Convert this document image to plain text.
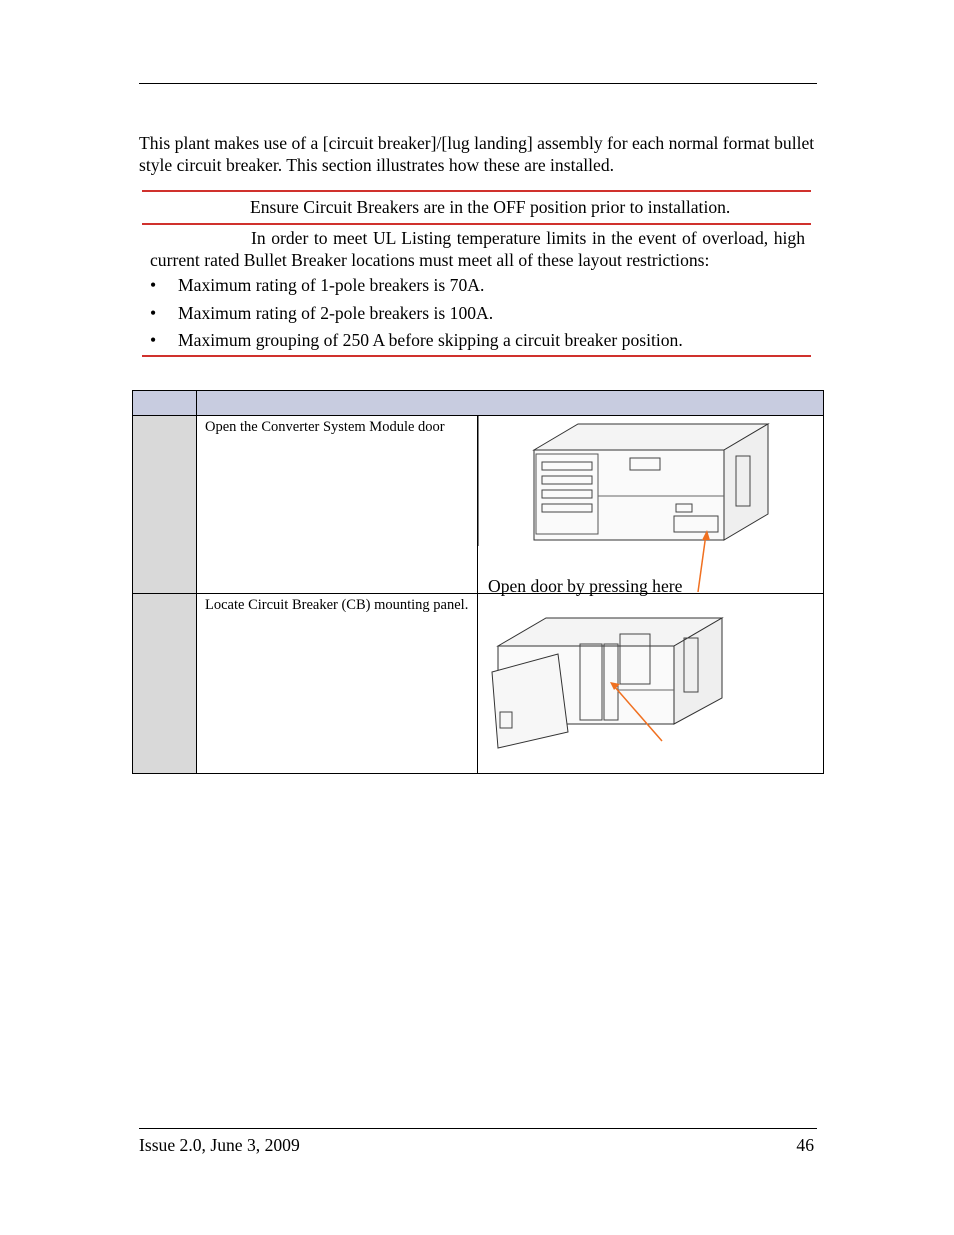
This plant makes use of a [circuit breaker]/[lug landing] assembly for each normal format bullet style circuit breaker. This section illustrates how these are installed.
Ensure Circuit Breakers are in the OFF position prior to installation.
In order to meet UL Listing temperature limits in the event of overload, high current rated Bullet Breaker locations must meet all of these layout restrictions:
• Maximum rating of 1-pole breakers is 70A.
• Maximum rating of 2-pole breakers is 100A.
• Maximum grouping of 250 A before skipping a circuit breaker position.

	Open the Converter System Module door	Open door by pressing here

	Locate Circuit Breaker (CB) mounting panel.	
Issue 2.0, June 3, 2009	46
